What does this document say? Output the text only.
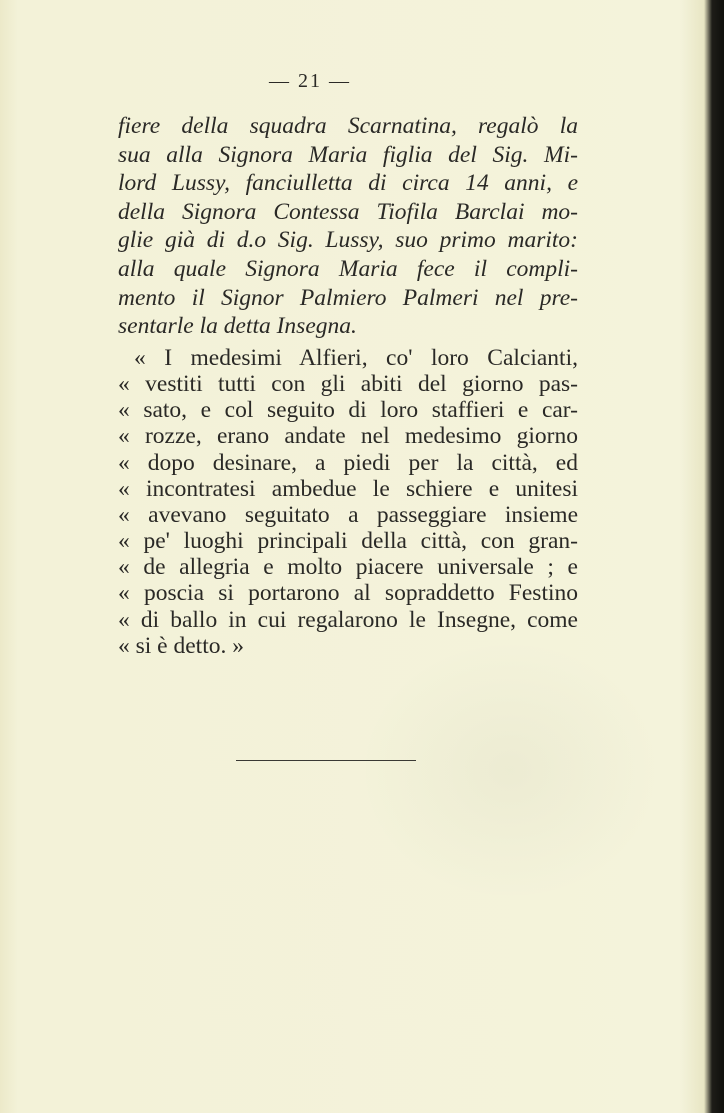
— 21 —
fiere della squadra Scarnatina, regalò la
sua alla Signora Maria figlia del Sig. Mi-
lord Lussy, fanciulletta di circa 14 anni, e
della Signora Contessa Tiofila Barclai mo-
glie già di d.o Sig. Lussy, suo primo marito:
alla quale Signora Maria fece il compli-
mento il Signor Palmiero Palmeri nel pre-
sentarle la detta Insegna.
« I medesimi Alfieri, co' loro Calcianti,
« vestiti tutti con gli abiti del giorno pas-
« sato, e col seguito di loro staffieri e car-
« rozze, erano andate nel medesimo giorno
« dopo desinare, a piedi per la città, ed
« incontratesi ambedue le schiere e unitesi
« avevano seguitato a passeggiare insieme
« pe' luoghi principali della città, con gran-
« de allegria e molto piacere universale ; e
« poscia si portarono al sopraddetto Festino
« di ballo in cui regalarono le Insegne, come
« si è detto. »
